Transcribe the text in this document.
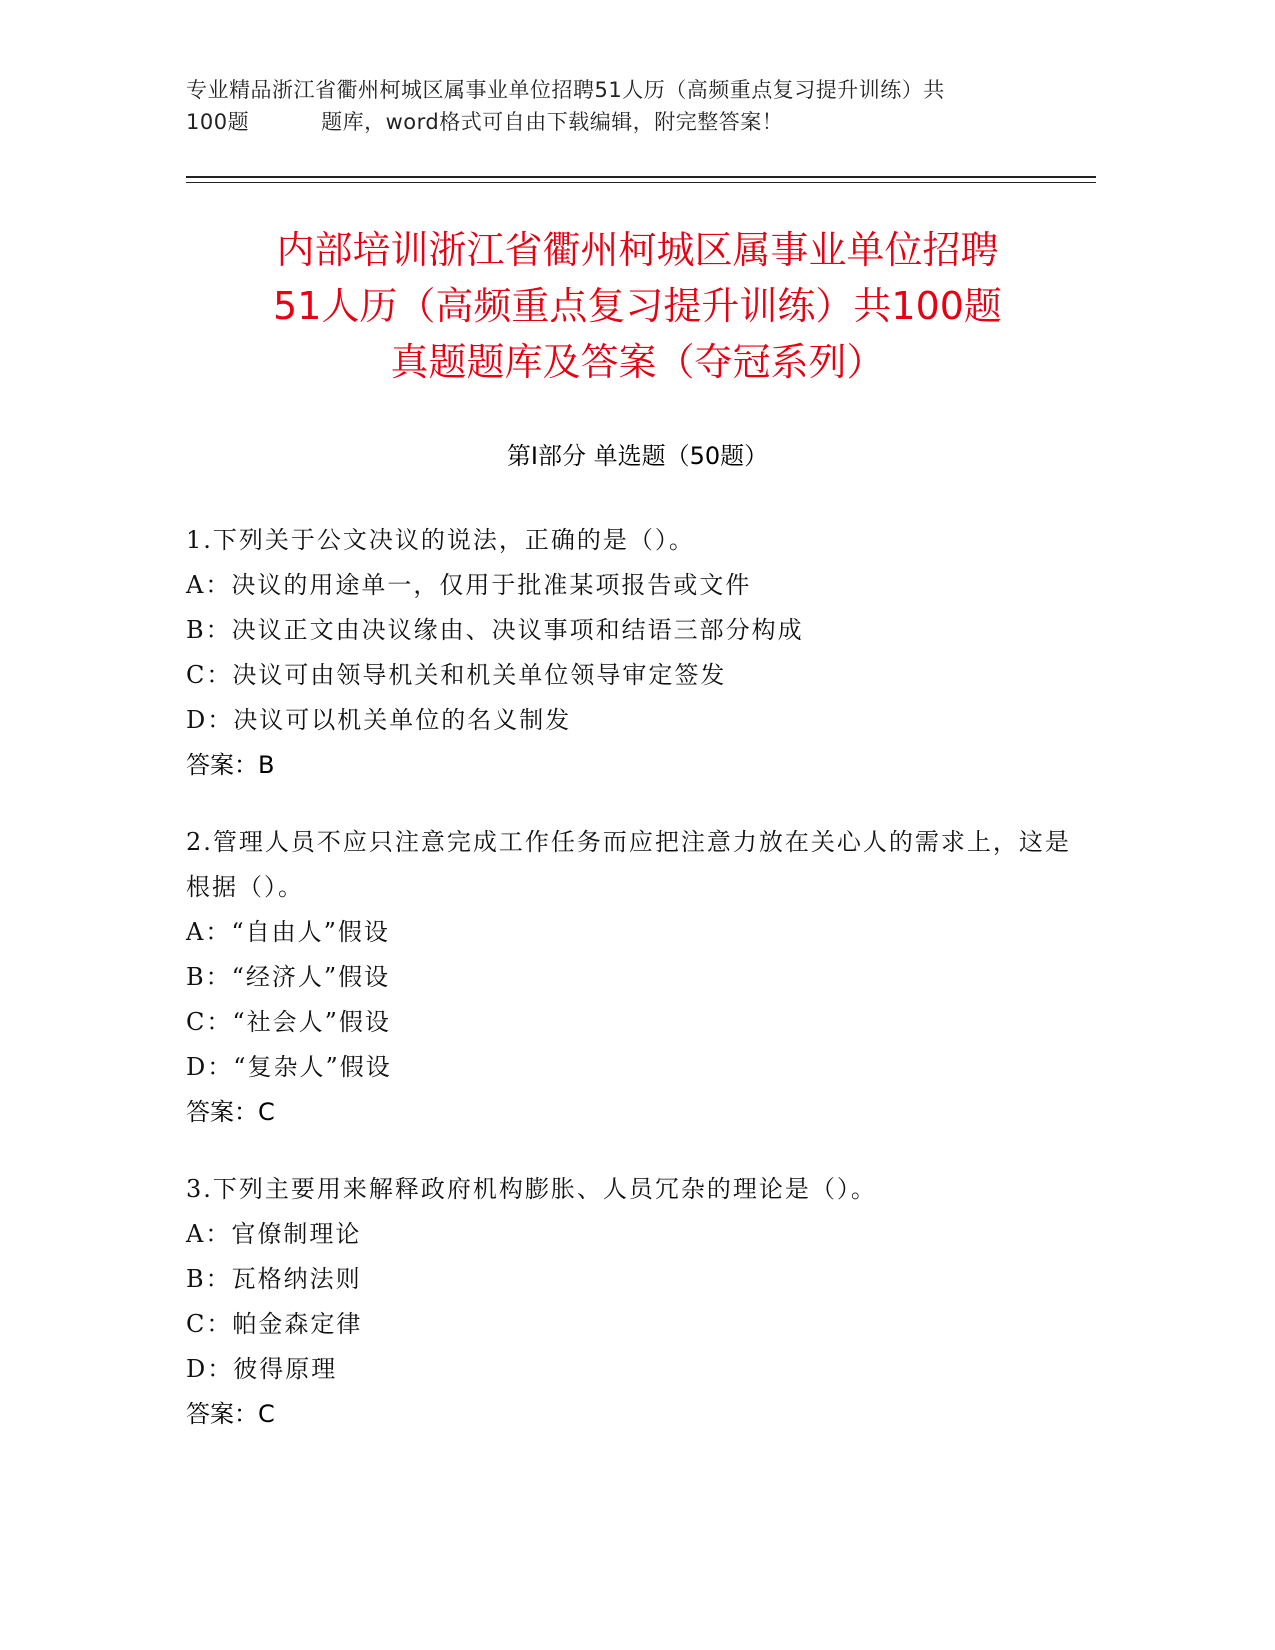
专业精品浙江省衢州柯城区属事业单位招聘51人历（高频重点复习提升训练）共
100题	题库，word格式可自由下载编辑，附完整答案！
内部培训浙江省衢州柯城区属事业单位招聘
51人历（高频重点复习提升训练）共100题
真题题库及答案（夺冠系列）
第Ⅰ部分 单选题（50题）
1.下列关于公文决议的说法，正确的是（）。
A：决议的用途单一，仅用于批准某项报告或文件
B：决议正文由决议缘由、决议事项和结语三部分构成
C：决议可由领导机关和机关单位领导审定签发
D：决议可以机关单位的名义制发
答案：B
2.管理人员不应只注意完成工作任务而应把注意力放在关心人的需求上，这是根据（）。
A：“自由人”假设
B：“经济人”假设
C：“社会人”假设
D：“复杂人”假设
答案：C
3.下列主要用来解释政府机构膨胀、人员冗杂的理论是（）。
A：官僚制理论
B：瓦格纳法则
C：帕金森定律
D：彼得原理
答案：C
